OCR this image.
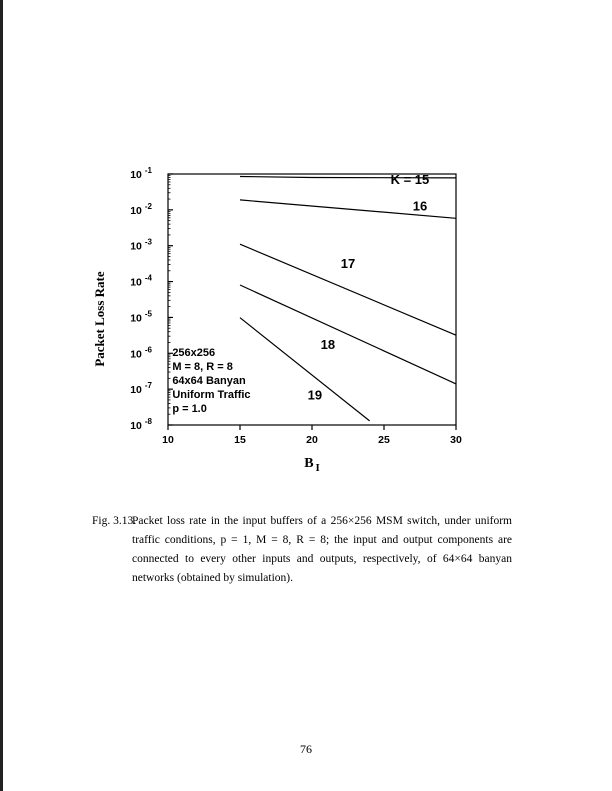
10 $^{-1}$
10 $^{-2}$
10 $^{-3}$
10 $^{-4}$
10 $^{-5}$
10 $^{-6}$
10 $^{-7}$
10 $^{-8}$
10	15	20	25	30
K = 15
16
17
18
19
256x256
M = 8, R = 8
64x64 Banyan
Uniform Traffic
p = 1.0
Packet Loss Rate
B $_I$
Fig. 3.13.
Packet loss rate in the input buffers of a 256×256 MSM switch, under uniform traffic conditions, p = 1, M = 8, R = 8; the input and output components are connected to every other inputs and outputs, respectively, of 64×64 banyan networks (obtained by simulation).
76
